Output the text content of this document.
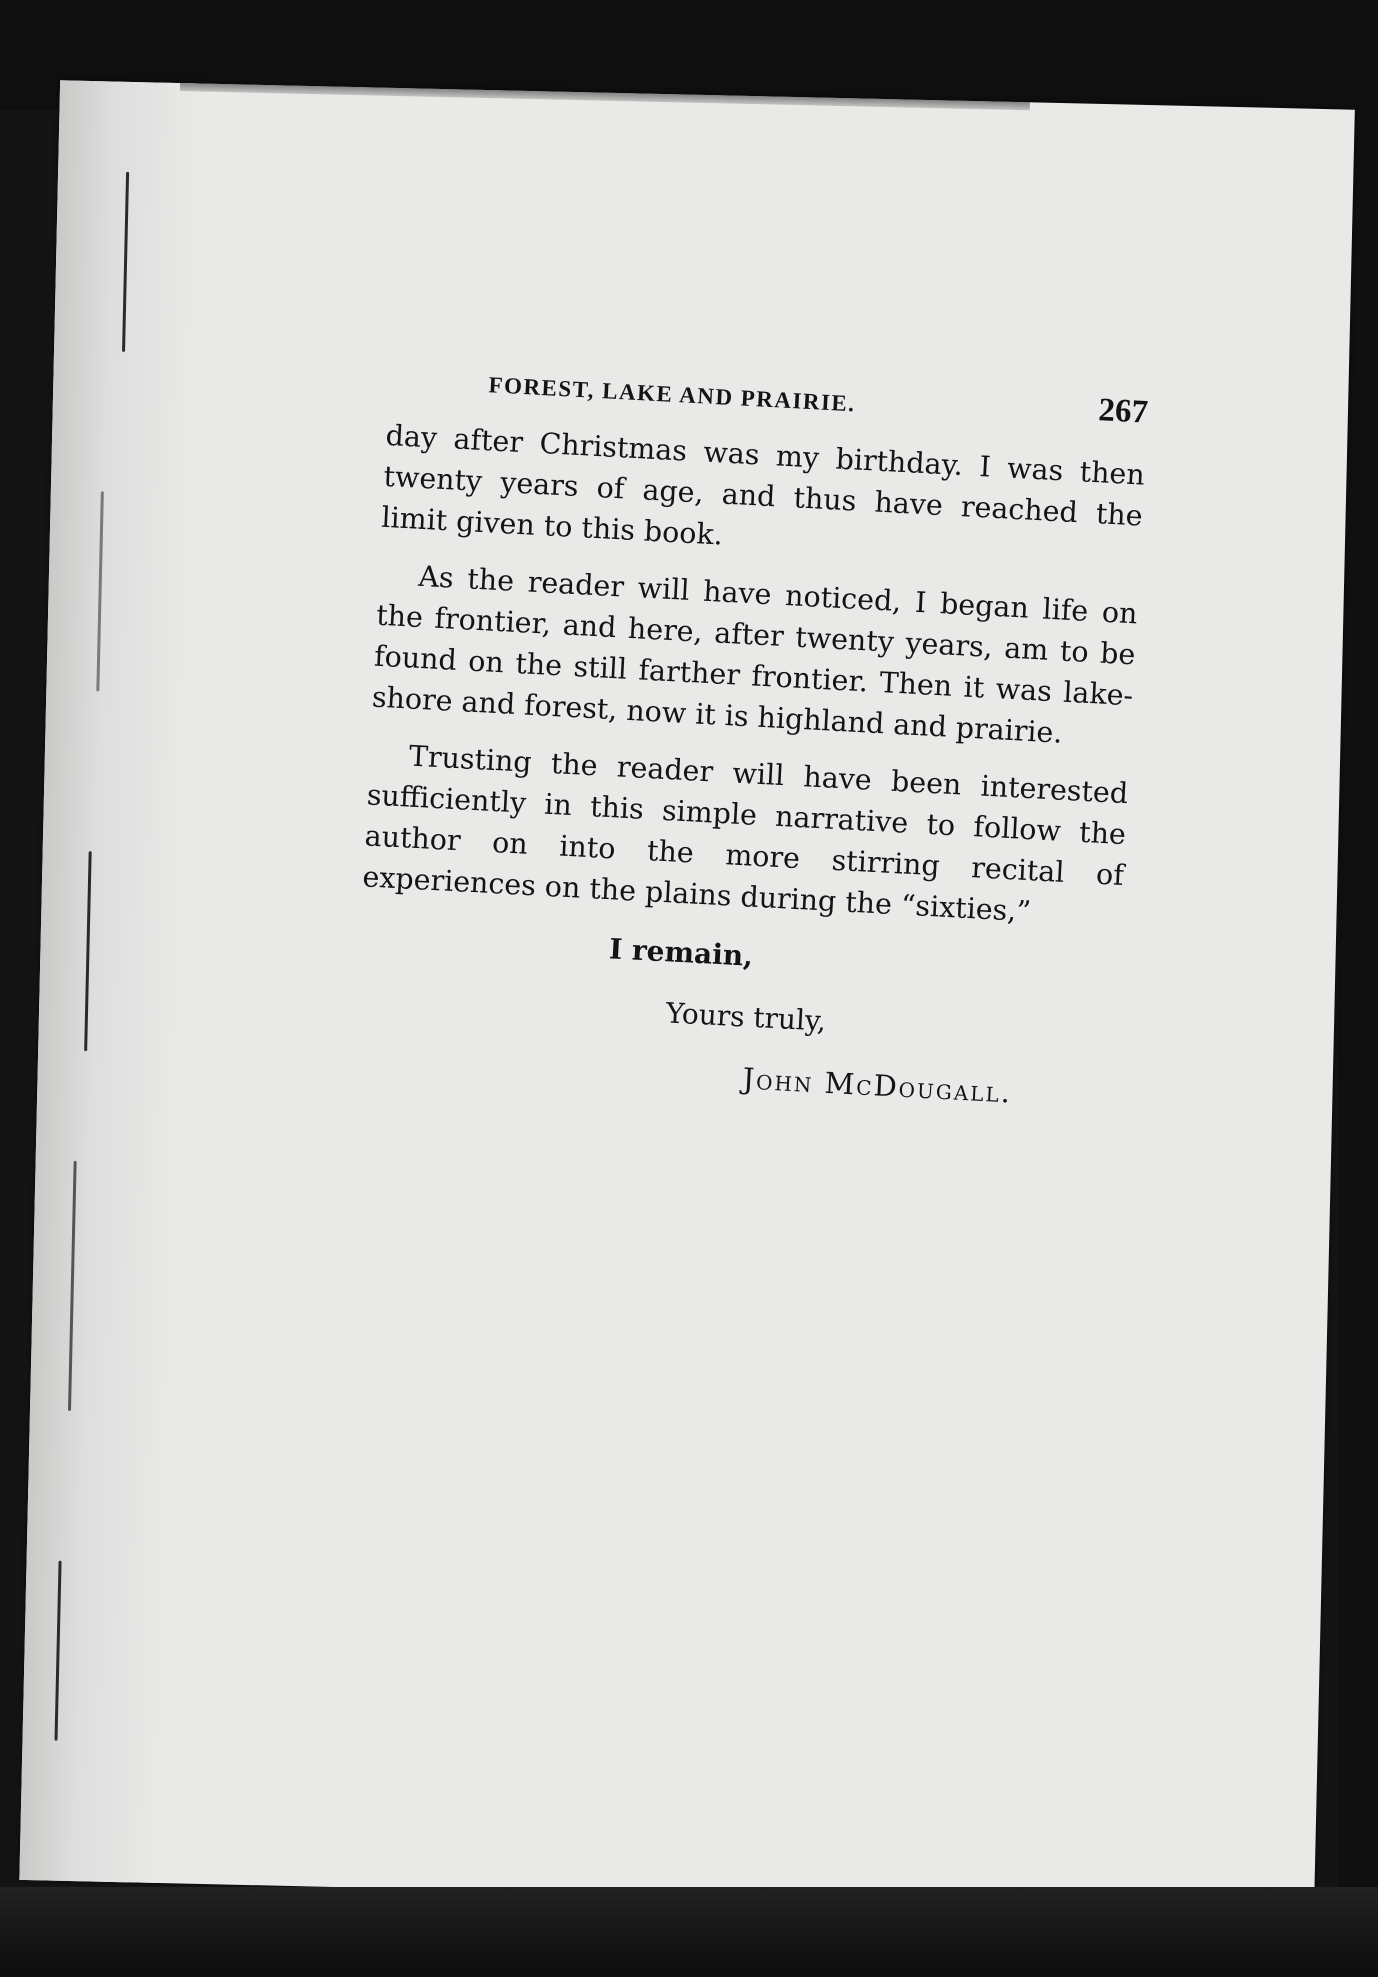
FOREST, LAKE AND PRAIRIE.	267

day after Christmas was my birthday. I was then twenty years of age, and thus have reached the limit given to this book.

As the reader will have noticed, I began life on the frontier, and here, after twenty years, am to be found on the still farther frontier. Then it was lake-shore and forest, now it is highland and prairie.

Trusting the reader will have been interested sufficiently in this simple narrative to follow the author on into the more stirring recital of experiences on the plains during the “sixties,”

I remain,
Yours truly,
John McDougall.
